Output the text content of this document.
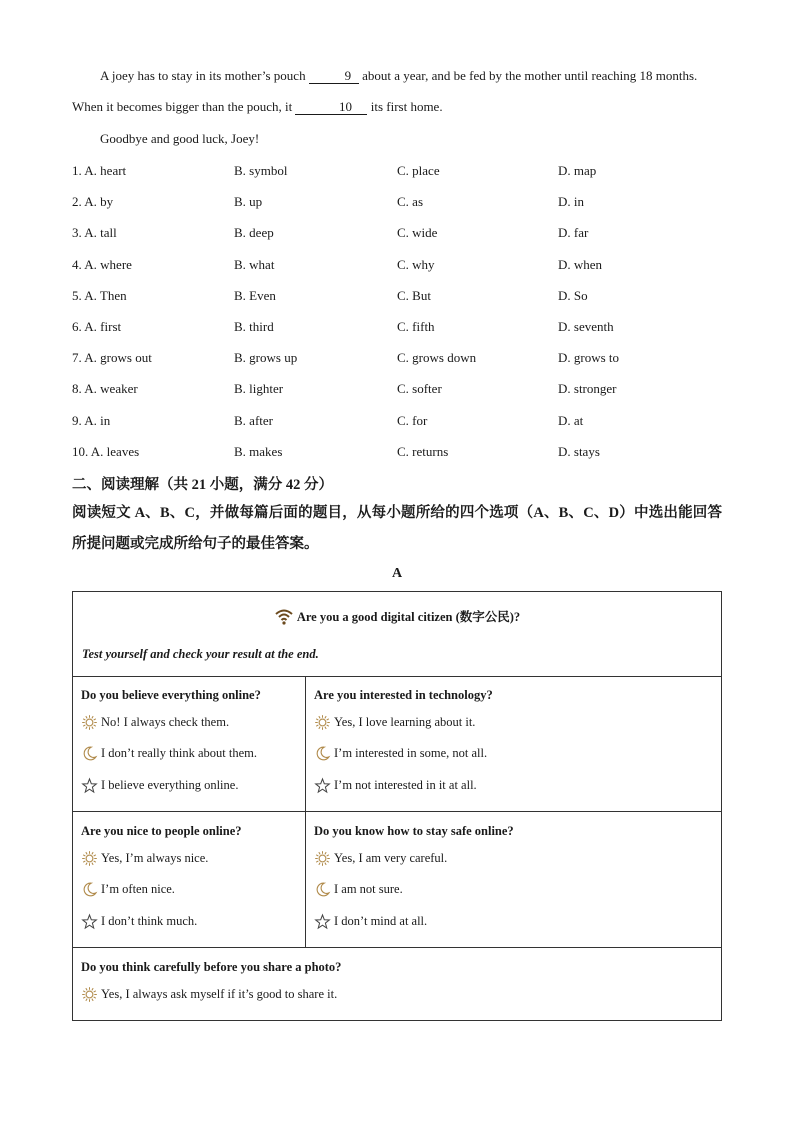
A joey has to stay in its mother’s pouch	9 about a year, and be fed by the mother until reaching 18 months. When it becomes bigger than the pouch, it	10 its first home.
Goodbye and good luck, Joey!
1. A. heart	B. symbol	C. place	D. map
2. A. by	B. up	C. as	D. in
3. A. tall	B. deep	C. wide	D. far
4. A. where	B. what	C. why	D. when
5. A. Then	B. Even	C. But	D. So
6. A. first	B. third	C. fifth	D. seventh
7. A. grows out	B. grows up	C. grows down	D. grows to
8. A. weaker	B. lighter	C. softer	D. stronger
9. A. in	B. after	C. for	D. at
10. A. leaves	B. makes	C. returns	D. stays
二、阅读理解（共 21 小题，满分 42 分）
阅读短文 A、B、C，并做每篇后面的题目，从每小题所给的四个选项（A、B、C、D）中选出能回答所提问题或完成所给句子的最佳答案。
A
Are you a good digital citizen (数字公民)?
Test yourself and check your result at the end.
Do you believe everything online?
No! I always check them.
I don’t really think about them.
I believe everything online.
Are you interested in technology?
Yes, I love learning about it.
I’m interested in some, not all.
I’m not interested in it at all.
Are you nice to people online?
Yes, I’m always nice.
I’m often nice.
I don’t think much.
Do you know how to stay safe online?
Yes, I am very careful.
I am not sure.
I don’t mind at all.
Do you think carefully before you share a photo?
Yes, I always ask myself if it’s good to share it.
